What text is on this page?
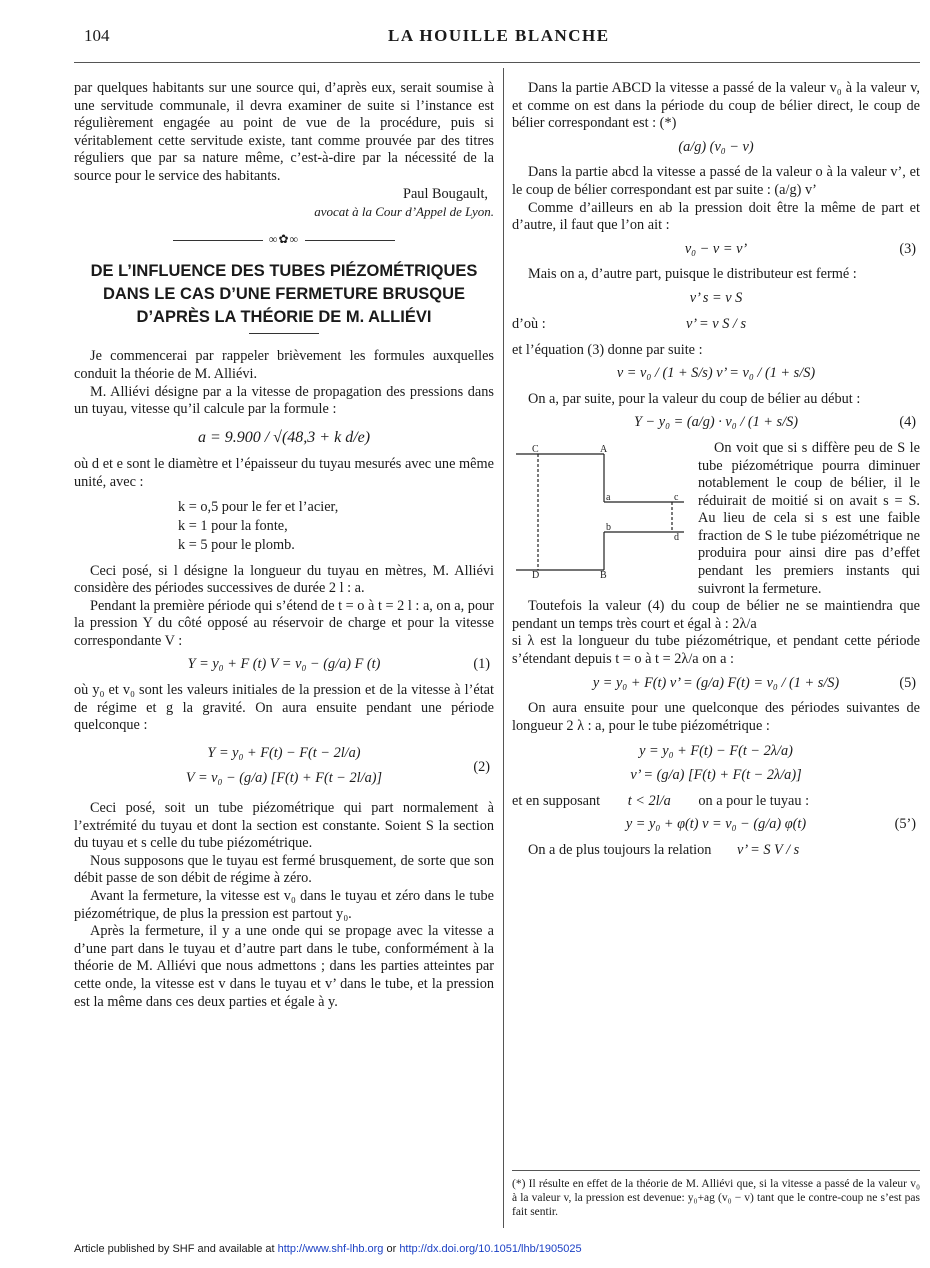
104	LA HOUILLE BLANCHE

par quelques habitants sur une source qui, d’après eux, serait soumise à une servitude communale, il devra examiner de suite si l’instance est régulièrement engagée au point de vue de la procédure, puis si véritablement cette servitude existe, tant comme prouvée par des titres réguliers que par sa nature même, c’est-à-dire par la nécessité de la source pour le service des habitants.

Paul Bougault,

avocat à la Cour d’Appel de Lyon.

∞✿∞
DE L’INFLUENCE DES TUBES PIÉZOMÉTRIQUES
DANS LE CAS D’UNE FERMETURE BRUSQUE
D’APRÈS LA THÉORIE DE M. ALLIÉVI

Je commencerai par rappeler brièvement les formules auxquelles conduit la théorie de M. Alliévi.

M. Alliévi désigne par a la vitesse de propagation des pressions dans un tuyau, vitesse qu’il calcule par la formule :

a = 9.900 / √(48,3 + k d/e)

où d et e sont le diamètre et l’épaisseur du tuyau mesurés avec une même unité, avec :

k = o,5 pour le fer et l’acier,
k = 1 pour la fonte,
k = 5 pour le plomb.

Ceci posé, si l désigne la longueur du tuyau en mètres, M. Alliévi considère des périodes successives de durée 2 l : a.

Pendant la première période qui s’étend de t = o à t = 2 l : a, on a, pour la pression Y du côté opposé au réservoir de charge et pour la vitesse correspondante V :

Y = y₀ + F (t) V = v₀ − (g/a) F (t)	(1)

où y₀ et v₀ sont les valeurs initiales de la pression et de la vitesse à l’état de régime et g la gravité. On aura ensuite pendant une période quelconque :

Y = y₀ + F(t) − F(t − 2l/a)
V = v₀ − (g/a) [F(t) + F(t − 2l/a)]
(2)

Ceci posé, soit un tube piézométrique qui part normalement à l’extrémité du tuyau et dont la section est constante. Soient S la section du tuyau et s celle du tube piézométrique.

Nous supposons que le tuyau est fermé brusquement, de sorte que son débit passe de son débit de régime à zéro.

Avant la fermeture, la vitesse est v₀ dans le tuyau et zéro dans le tube piézométrique, de plus la pression est partout y₀.

Après la fermeture, il y a une onde qui se propage avec la vitesse a d’une part dans le tuyau et d’autre part dans le tube, conformément à la théorie de M. Alliévi que nous admettons ; dans les parties atteintes par cette onde, la vitesse est v dans le tuyau et v’ dans le tube, et la pression est la même dans ces deux parties et égale à y.

Dans la partie ABCD la vitesse a passé de la valeur v₀ à la valeur v, et comme on est dans la période du coup de bélier direct, le coup de bélier correspondant est : (*)

(a/g) (v₀ − v)

Dans la partie abcd la vitesse a passé de la valeur o à la valeur v’, et le coup de bélier correspondant est par suite : (a/g) v’

Comme d’ailleurs en ab la pression doit être la même de part et d’autre, il faut que l’on ait :

v₀ − v = v’	(3)

Mais on a, d’autre part, puisque le distributeur est fermé :

v’ s = v S
d’où :	v’ = v S / s

et l’équation (3) donne par suite :

v = v₀ / (1 + S/s) v’ = v₀ / (1 + s/S)

On a, par suite, pour la valeur du coup de bélier au début :

Y − y₀ = (a/g) · v₀ / (1 + s/S)	(4)
C	A
a	c
b
d
D	B

On voit que si s diffère peu de S le tube piézométrique pourra diminuer notablement le coup de bélier, il le réduirait de moitié si on avait s = S. Au lieu de cela si s est une faible fraction de S le tube piézométrique ne produira pour ainsi dire pas d’effet pendant les premiers instants qui suivront la fermeture.

Toutefois la valeur (4) du coup de bélier ne se maintiendra que pendant un temps très court et égal à : 2λ/a

si λ est la longueur du tube piézométrique, et pendant cette période s’étendant depuis t = o à t = 2λ/a on a :

y = y₀ + F(t) v’ = (g/a) F(t) = v₀ / (1 + s/S)	(5)

On aura ensuite pour une quelconque des périodes suivantes de longueur 2 λ : a, pour le tube piézométrique :

y = y₀ + F(t) − F(t − 2λ/a)
v’ = (g/a) [F(t) + F(t − 2λ/a)]

et en supposant t < 2l/a on a pour le tuyau :

y = y₀ + φ(t) v = v₀ − (g/a) φ(t)	(5’)

On a de plus toujours la relation v’ = S V / s

(*) Il résulte en effet de la théorie de M. Alliévi que, si la vitesse a passé de la valeur v₀ à la valeur v, la pression est devenue: y₀+ag (v₀ − v) tant que le contre-coup ne s’est pas fait sentir.
Article published by SHF and available at http://www.shf-lhb.org or http://dx.doi.org/10.1051/lhb/1905025
